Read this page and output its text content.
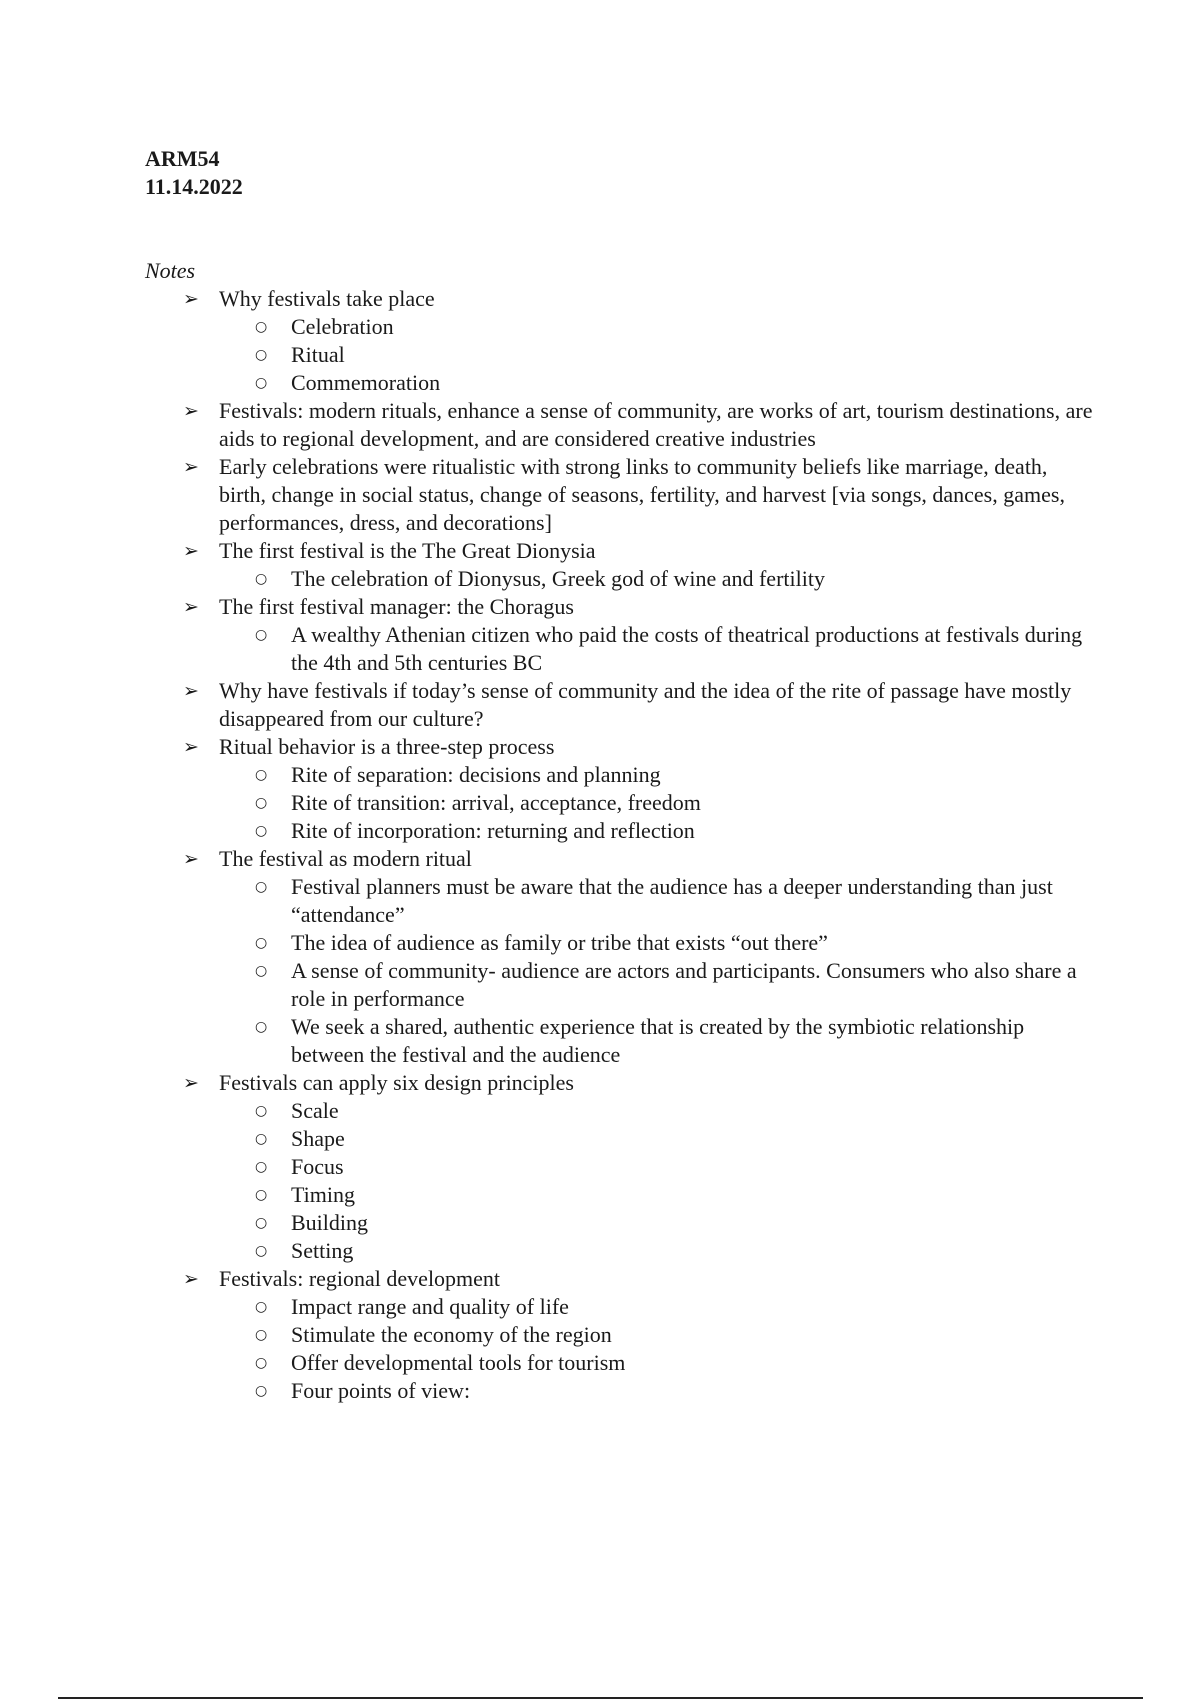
ARM54
11.14.2022
Notes
➢ Why festivals take place
○ Celebration
○ Ritual
○ Commemoration
➢ Festivals: modern rituals, enhance a sense of community, are works of art, tourism destinations, are aids to regional development, and are considered creative industries
➢ Early celebrations were ritualistic with strong links to community beliefs like marriage, death, birth, change in social status, change of seasons, fertility, and harvest [via songs, dances, games, performances, dress, and decorations]
➢ The first festival is the The Great Dionysia
○ The celebration of Dionysus, Greek god of wine and fertility
➢ The first festival manager: the Choragus
○ A wealthy Athenian citizen who paid the costs of theatrical productions at festivals during the 4th and 5th centuries BC
➢ Why have festivals if today’s sense of community and the idea of the rite of passage have mostly disappeared from our culture?
➢ Ritual behavior is a three-step process
○ Rite of separation: decisions and planning
○ Rite of transition: arrival, acceptance, freedom
○ Rite of incorporation: returning and reflection
➢ The festival as modern ritual
○ Festival planners must be aware that the audience has a deeper understanding than just “attendance”
○ The idea of audience as family or tribe that exists “out there”
○ A sense of community- audience are actors and participants. Consumers who also share a role in performance
○ We seek a shared, authentic experience that is created by the symbiotic relationship between the festival and the audience
➢ Festivals can apply six design principles
○ Scale
○ Shape
○ Focus
○ Timing
○ Building
○ Setting
➢ Festivals: regional development
○ Impact range and quality of life
○ Stimulate the economy of the region
○ Offer developmental tools for tourism
○ Four points of view:
